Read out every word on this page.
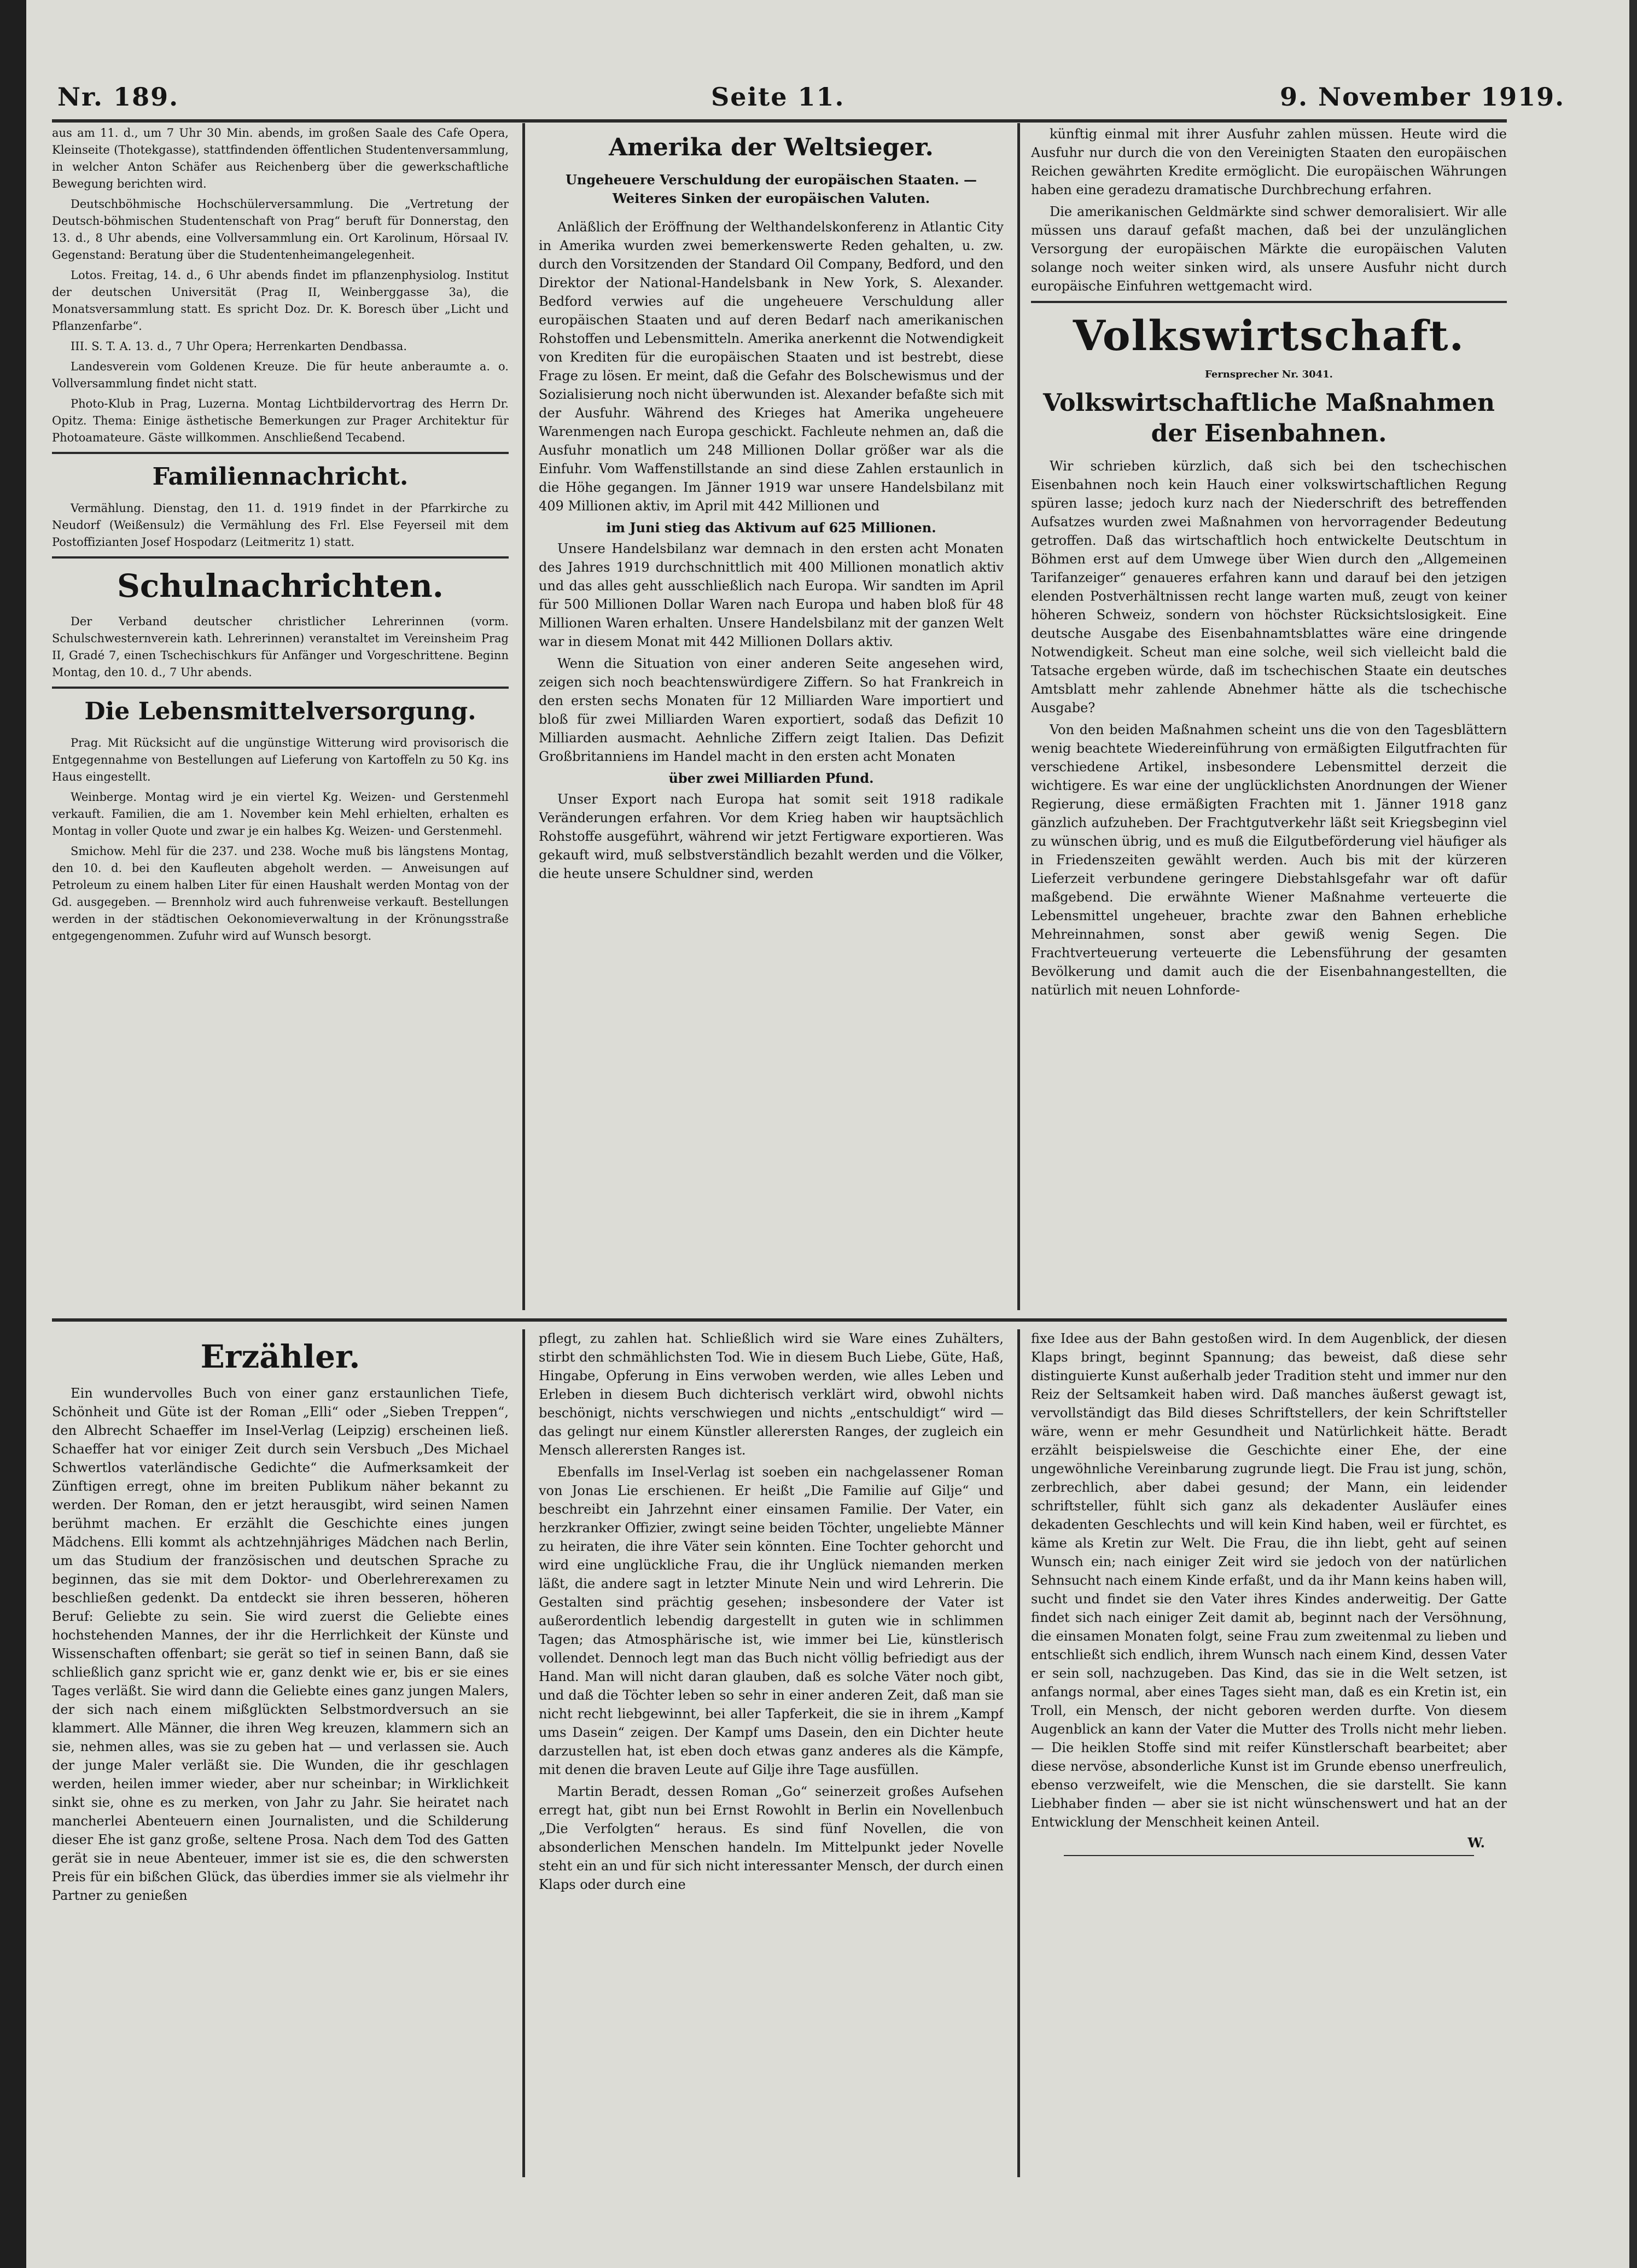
Nr. 189.	Seite 11.	9. November 1919.

aus am 11. d., um 7 Uhr 30 Min. abends, im großen Saale des Cafe Opera, Kleinseite (Thotekgasse), stattfindenden öffentlichen Studentenversammlung, in welcher Anton Schäfer aus Reichenberg über die gewerkschaftliche Bewegung berichten wird.

Deutschböhmische Hochschülerversammlung. Die „Vertretung der Deutsch-böhmischen Studentenschaft von Prag“ beruft für Donnerstag, den 13. d., 8 Uhr abends, eine Vollversammlung ein. Ort Karolinum, Hörsaal IV. Gegenstand: Beratung über die Studentenheimangelegenheit.

Lotos. Freitag, 14. d., 6 Uhr abends findet im pflanzenphysiolog. Institut der deutschen Universität (Prag II, Weinberggasse 3a), die Monatsversammlung statt. Es spricht Doz. Dr. K. Boresch über „Licht und Pflanzenfarbe“.

III. S. T. A. 13. d., 7 Uhr Opera; Herrenkarten Dendbassa.

Landesverein vom Goldenen Kreuze. Die für heute anberaumte a. o. Vollversammlung findet nicht statt.

Photo-Klub in Prag, Luzerna. Montag Lichtbildervortrag des Herrn Dr. Opitz. Thema: Einige ästhetische Bemerkungen zur Prager Architektur für Photoamateure. Gäste willkommen. Anschließend Tecabend.

Familiennachricht.

Vermählung. Dienstag, den 11. d. 1919 findet in der Pfarrkirche zu Neudorf (Weißensulz) die Vermählung des Frl. Else Feyerseil mit dem Postoffizianten Josef Hospodarz (Leitmeritz 1) statt.

Schulnachrichten.

Der Verband deutscher christlicher Lehrerinnen (vorm. Schulschwesternverein kath. Lehrerinnen) veranstaltet im Vereinsheim Prag II, Gradé 7, einen Tschechischkurs für Anfänger und Vorgeschrittene. Beginn Montag, den 10. d., 7 Uhr abends.

Die Lebensmittelversorgung.

Prag. Mit Rücksicht auf die ungünstige Witterung wird provisorisch die Entgegennahme von Bestellungen auf Lieferung von Kartoffeln zu 50 Kg. ins Haus eingestellt.

Weinberge. Montag wird je ein viertel Kg. Weizen- und Gerstenmehl verkauft. Familien, die am 1. November kein Mehl erhielten, erhalten es Montag in voller Quote und zwar je ein halbes Kg. Weizen- und Gerstenmehl.

Smichow. Mehl für die 237. und 238. Woche muß bis längstens Montag, den 10. d. bei den Kaufleuten abgeholt werden. — Anweisungen auf Petroleum zu einem halben Liter für einen Haushalt werden Montag von der Gd. ausgegeben. — Brennholz wird auch fuhrenweise verkauft. Bestellungen werden in der städtischen Oekonomieverwaltung in der Krönungsstraße entgegengenommen. Zufuhr wird auf Wunsch besorgt.

Amerika der Weltsieger.
Ungeheuere Verschuldung der europäischen Staaten. — Weiteres Sinken der europäischen Valuten.

Anläßlich der Eröffnung der Welthandelskonferenz in Atlantic City in Amerika wurden zwei bemerkenswerte Reden gehalten, u. zw. durch den Vorsitzenden der Standard Oil Company, Bedford, und den Direktor der National-Handelsbank in New York, S. Alexander. Bedford verwies auf die ungeheuere Verschuldung aller europäischen Staaten und auf deren Bedarf nach amerikanischen Rohstoffen und Lebensmitteln. Amerika anerkennt die Notwendigkeit von Krediten für die europäischen Staaten und ist bestrebt, diese Frage zu lösen. Er meint, daß die Gefahr des Bolschewismus und der Sozialisierung noch nicht überwunden ist. Alexander befaßte sich mit der Ausfuhr. Während des Krieges hat Amerika ungeheuere Warenmengen nach Europa geschickt. Fachleute nehmen an, daß die Ausfuhr monatlich um 248 Millionen Dollar größer war als die Einfuhr. Vom Waffenstillstande an sind diese Zahlen erstaunlich in die Höhe gegangen. Im Jänner 1919 war unsere Handelsbilanz mit 409 Millionen aktiv, im April mit 442 Millionen und

im Juni stieg das Aktivum auf 625 Millionen.

Unsere Handelsbilanz war demnach in den ersten acht Monaten des Jahres 1919 durchschnittlich mit 400 Millionen monatlich aktiv und das alles geht ausschließlich nach Europa. Wir sandten im April für 500 Millionen Dollar Waren nach Europa und haben bloß für 48 Millionen Waren erhalten. Unsere Handelsbilanz mit der ganzen Welt war in diesem Monat mit 442 Millionen Dollars aktiv.

Wenn die Situation von einer anderen Seite angesehen wird, zeigen sich noch beachtenswürdigere Ziffern. So hat Frankreich in den ersten sechs Monaten für 12 Milliarden Ware importiert und bloß für zwei Milliarden Waren exportiert, sodaß das Defizit 10 Milliarden ausmacht. Aehnliche Ziffern zeigt Italien. Das Defizit Großbritanniens im Handel macht in den ersten acht Monaten

über zwei Milliarden Pfund.

Unser Export nach Europa hat somit seit 1918 radikale Veränderungen erfahren. Vor dem Krieg haben wir hauptsächlich Rohstoffe ausgeführt, während wir jetzt Fertigware exportieren. Was gekauft wird, muß selbstverständlich bezahlt werden und die Völker, die heute unsere Schuldner sind, werden

künftig einmal mit ihrer Ausfuhr zahlen müssen. Heute wird die Ausfuhr nur durch die von den Vereinigten Staaten den europäischen Reichen gewährten Kredite ermöglicht. Die europäischen Währungen haben eine geradezu dramatische Durchbrechung erfahren.

Die amerikanischen Geldmärkte sind schwer demoralisiert. Wir alle müssen uns darauf gefaßt machen, daß bei der unzulänglichen Versorgung der europäischen Märkte die europäischen Valuten solange noch weiter sinken wird, als unsere Ausfuhr nicht durch europäische Einfuhren wettgemacht wird.

Volkswirtschaft.
Fernsprecher Nr. 3041.
Volkswirtschaftliche Maßnahmen der Eisenbahnen.

Wir schrieben kürzlich, daß sich bei den tschechischen Eisenbahnen noch kein Hauch einer volkswirtschaftlichen Regung spüren lasse; jedoch kurz nach der Niederschrift des betreffenden Aufsatzes wurden zwei Maßnahmen von hervorragender Bedeutung getroffen. Daß das wirtschaftlich hoch entwickelte Deutschtum in Böhmen erst auf dem Umwege über Wien durch den „Allgemeinen Tarifanzeiger“ genaueres erfahren kann und darauf bei den jetzigen elenden Postverhältnissen recht lange warten muß, zeugt von keiner höheren Schweiz, sondern von höchster Rücksichtslosigkeit. Eine deutsche Ausgabe des Eisenbahnamtsblattes wäre eine dringende Notwendigkeit. Scheut man eine solche, weil sich vielleicht bald die Tatsache ergeben würde, daß im tschechischen Staate ein deutsches Amtsblatt mehr zahlende Abnehmer hätte als die tschechische Ausgabe?

Von den beiden Maßnahmen scheint uns die von den Tagesblättern wenig beachtete Wiedereinführung von ermäßigten Eilgutfrachten für verschiedene Artikel, insbesondere Lebensmittel derzeit die wichtigere. Es war eine der unglücklichsten Anordnungen der Wiener Regierung, diese ermäßigten Frachten mit 1. Jänner 1918 ganz gänzlich aufzuheben. Der Frachtgutverkehr läßt seit Kriegsbeginn viel zu wünschen übrig, und es muß die Eilgutbeförderung viel häufiger als in Friedenszeiten gewählt werden. Auch bis mit der kürzeren Lieferzeit verbundene geringere Diebstahlsgefahr war oft dafür maßgebend. Die erwähnte Wiener Maßnahme verteuerte die Lebensmittel ungeheuer, brachte zwar den Bahnen erhebliche Mehreinnahmen, sonst aber gewiß wenig Segen. Die Frachtverteuerung verteuerte die Lebensführung der gesamten Bevölkerung und damit auch die der Eisenbahnangestellten, die natürlich mit neuen Lohnforde-

Erzähler.

Ein wundervolles Buch von einer ganz erstaunlichen Tiefe, Schönheit und Güte ist der Roman „Elli“ oder „Sieben Treppen“, den Albrecht Schaeffer im Insel-Verlag (Leipzig) erscheinen ließ. Schaeffer hat vor einiger Zeit durch sein Versbuch „Des Michael Schwertlos vaterländische Gedichte“ die Aufmerksamkeit der Zünftigen erregt, ohne im breiten Publikum näher bekannt zu werden. Der Roman, den er jetzt herausgibt, wird seinen Namen berühmt machen. Er erzählt die Geschichte eines jungen Mädchens. Elli kommt als achtzehnjähriges Mädchen nach Berlin, um das Studium der französischen und deutschen Sprache zu beginnen, das sie mit dem Doktor- und Oberlehrerexamen zu beschließen gedenkt. Da entdeckt sie ihren besseren, höheren Beruf: Geliebte zu sein. Sie wird zuerst die Geliebte eines hochstehenden Mannes, der ihr die Herrlichkeit der Künste und Wissenschaften offenbart; sie gerät so tief in seinen Bann, daß sie schließlich ganz spricht wie er, ganz denkt wie er, bis er sie eines Tages verläßt. Sie wird dann die Geliebte eines ganz jungen Malers, der sich nach einem mißglückten Selbstmordversuch an sie klammert. Alle Männer, die ihren Weg kreuzen, klammern sich an sie, nehmen alles, was sie zu geben hat — und verlassen sie. Auch der junge Maler verläßt sie. Die Wunden, die ihr geschlagen werden, heilen immer wieder, aber nur scheinbar; in Wirklichkeit sinkt sie, ohne es zu merken, von Jahr zu Jahr. Sie heiratet nach mancherlei Abenteuern einen Journalisten, und die Schilderung dieser Ehe ist ganz große, seltene Prosa. Nach dem Tod des Gatten gerät sie in neue Abenteuer, immer ist sie es, die den schwersten Preis für ein bißchen Glück, das überdies immer sie als vielmehr ihr Partner zu genießen

pflegt, zu zahlen hat. Schließlich wird sie Ware eines Zuhälters, stirbt den schmählichsten Tod. Wie in diesem Buch Liebe, Güte, Haß, Hingabe, Opferung in Eins verwoben werden, wie alles Leben und Erleben in diesem Buch dichterisch verklärt wird, obwohl nichts beschönigt, nichts verschwiegen und nichts „entschuldigt“ wird — das gelingt nur einem Künstler allerersten Ranges, der zugleich ein Mensch allerersten Ranges ist.

Ebenfalls im Insel-Verlag ist soeben ein nachgelassener Roman von Jonas Lie erschienen. Er heißt „Die Familie auf Gilje“ und beschreibt ein Jahrzehnt einer einsamen Familie. Der Vater, ein herzkranker Offizier, zwingt seine beiden Töchter, ungeliebte Männer zu heiraten, die ihre Väter sein könnten. Eine Tochter gehorcht und wird eine unglückliche Frau, die ihr Unglück niemanden merken läßt, die andere sagt in letzter Minute Nein und wird Lehrerin. Die Gestalten sind prächtig gesehen; insbesondere der Vater ist außerordentlich lebendig dargestellt in guten wie in schlimmen Tagen; das Atmosphärische ist, wie immer bei Lie, künstlerisch vollendet. Dennoch legt man das Buch nicht völlig befriedigt aus der Hand. Man will nicht daran glauben, daß es solche Väter noch gibt, und daß die Töchter leben so sehr in einer anderen Zeit, daß man sie nicht recht liebgewinnt, bei aller Tapferkeit, die sie in ihrem „Kampf ums Dasein“ zeigen. Der Kampf ums Dasein, den ein Dichter heute darzustellen hat, ist eben doch etwas ganz anderes als die Kämpfe, mit denen die braven Leute auf Gilje ihre Tage ausfüllen.

Martin Beradt, dessen Roman „Go“ seinerzeit großes Aufsehen erregt hat, gibt nun bei Ernst Rowohlt in Berlin ein Novellenbuch „Die Verfolgten“ heraus. Es sind fünf Novellen, die von absonderlichen Menschen handeln. Im Mittelpunkt jeder Novelle steht ein an und für sich nicht interessanter Mensch, der durch einen Klaps oder durch eine

fixe Idee aus der Bahn gestoßen wird. In dem Augenblick, der diesen Klaps bringt, beginnt Spannung; das beweist, daß diese sehr distinguierte Kunst außerhalb jeder Tradition steht und immer nur den Reiz der Seltsamkeit haben wird. Daß manches äußerst gewagt ist, vervollständigt das Bild dieses Schriftstellers, der kein Schriftsteller wäre, wenn er mehr Gesundheit und Natürlichkeit hätte. Beradt erzählt beispielsweise die Geschichte einer Ehe, der eine ungewöhnliche Vereinbarung zugrunde liegt. Die Frau ist jung, schön, zerbrechlich, aber dabei gesund; der Mann, ein leidender schriftsteller, fühlt sich ganz als dekadenter Ausläufer eines dekadenten Geschlechts und will kein Kind haben, weil er fürchtet, es käme als Kretin zur Welt. Die Frau, die ihn liebt, geht auf seinen Wunsch ein; nach einiger Zeit wird sie jedoch von der natürlichen Sehnsucht nach einem Kinde erfaßt, und da ihr Mann keins haben will, sucht und findet sie den Vater ihres Kindes anderweitig. Der Gatte findet sich nach einiger Zeit damit ab, beginnt nach der Versöhnung, die einsamen Monaten folgt, seine Frau zum zweitenmal zu lieben und entschließt sich endlich, ihrem Wunsch nach einem Kind, dessen Vater er sein soll, nachzugeben. Das Kind, das sie in die Welt setzen, ist anfangs normal, aber eines Tages sieht man, daß es ein Kretin ist, ein Troll, ein Mensch, der nicht geboren werden durfte. Von diesem Augenblick an kann der Vater die Mutter des Trolls nicht mehr lieben. — Die heiklen Stoffe sind mit reifer Künstlerschaft bearbeitet; aber diese nervöse, absonderliche Kunst ist im Grunde ebenso unerfreulich, ebenso verzweifelt, wie die Menschen, die sie darstellt. Sie kann Liebhaber finden — aber sie ist nicht wünschenswert und hat an der Entwicklung der Menschheit keinen Anteil.

W.
